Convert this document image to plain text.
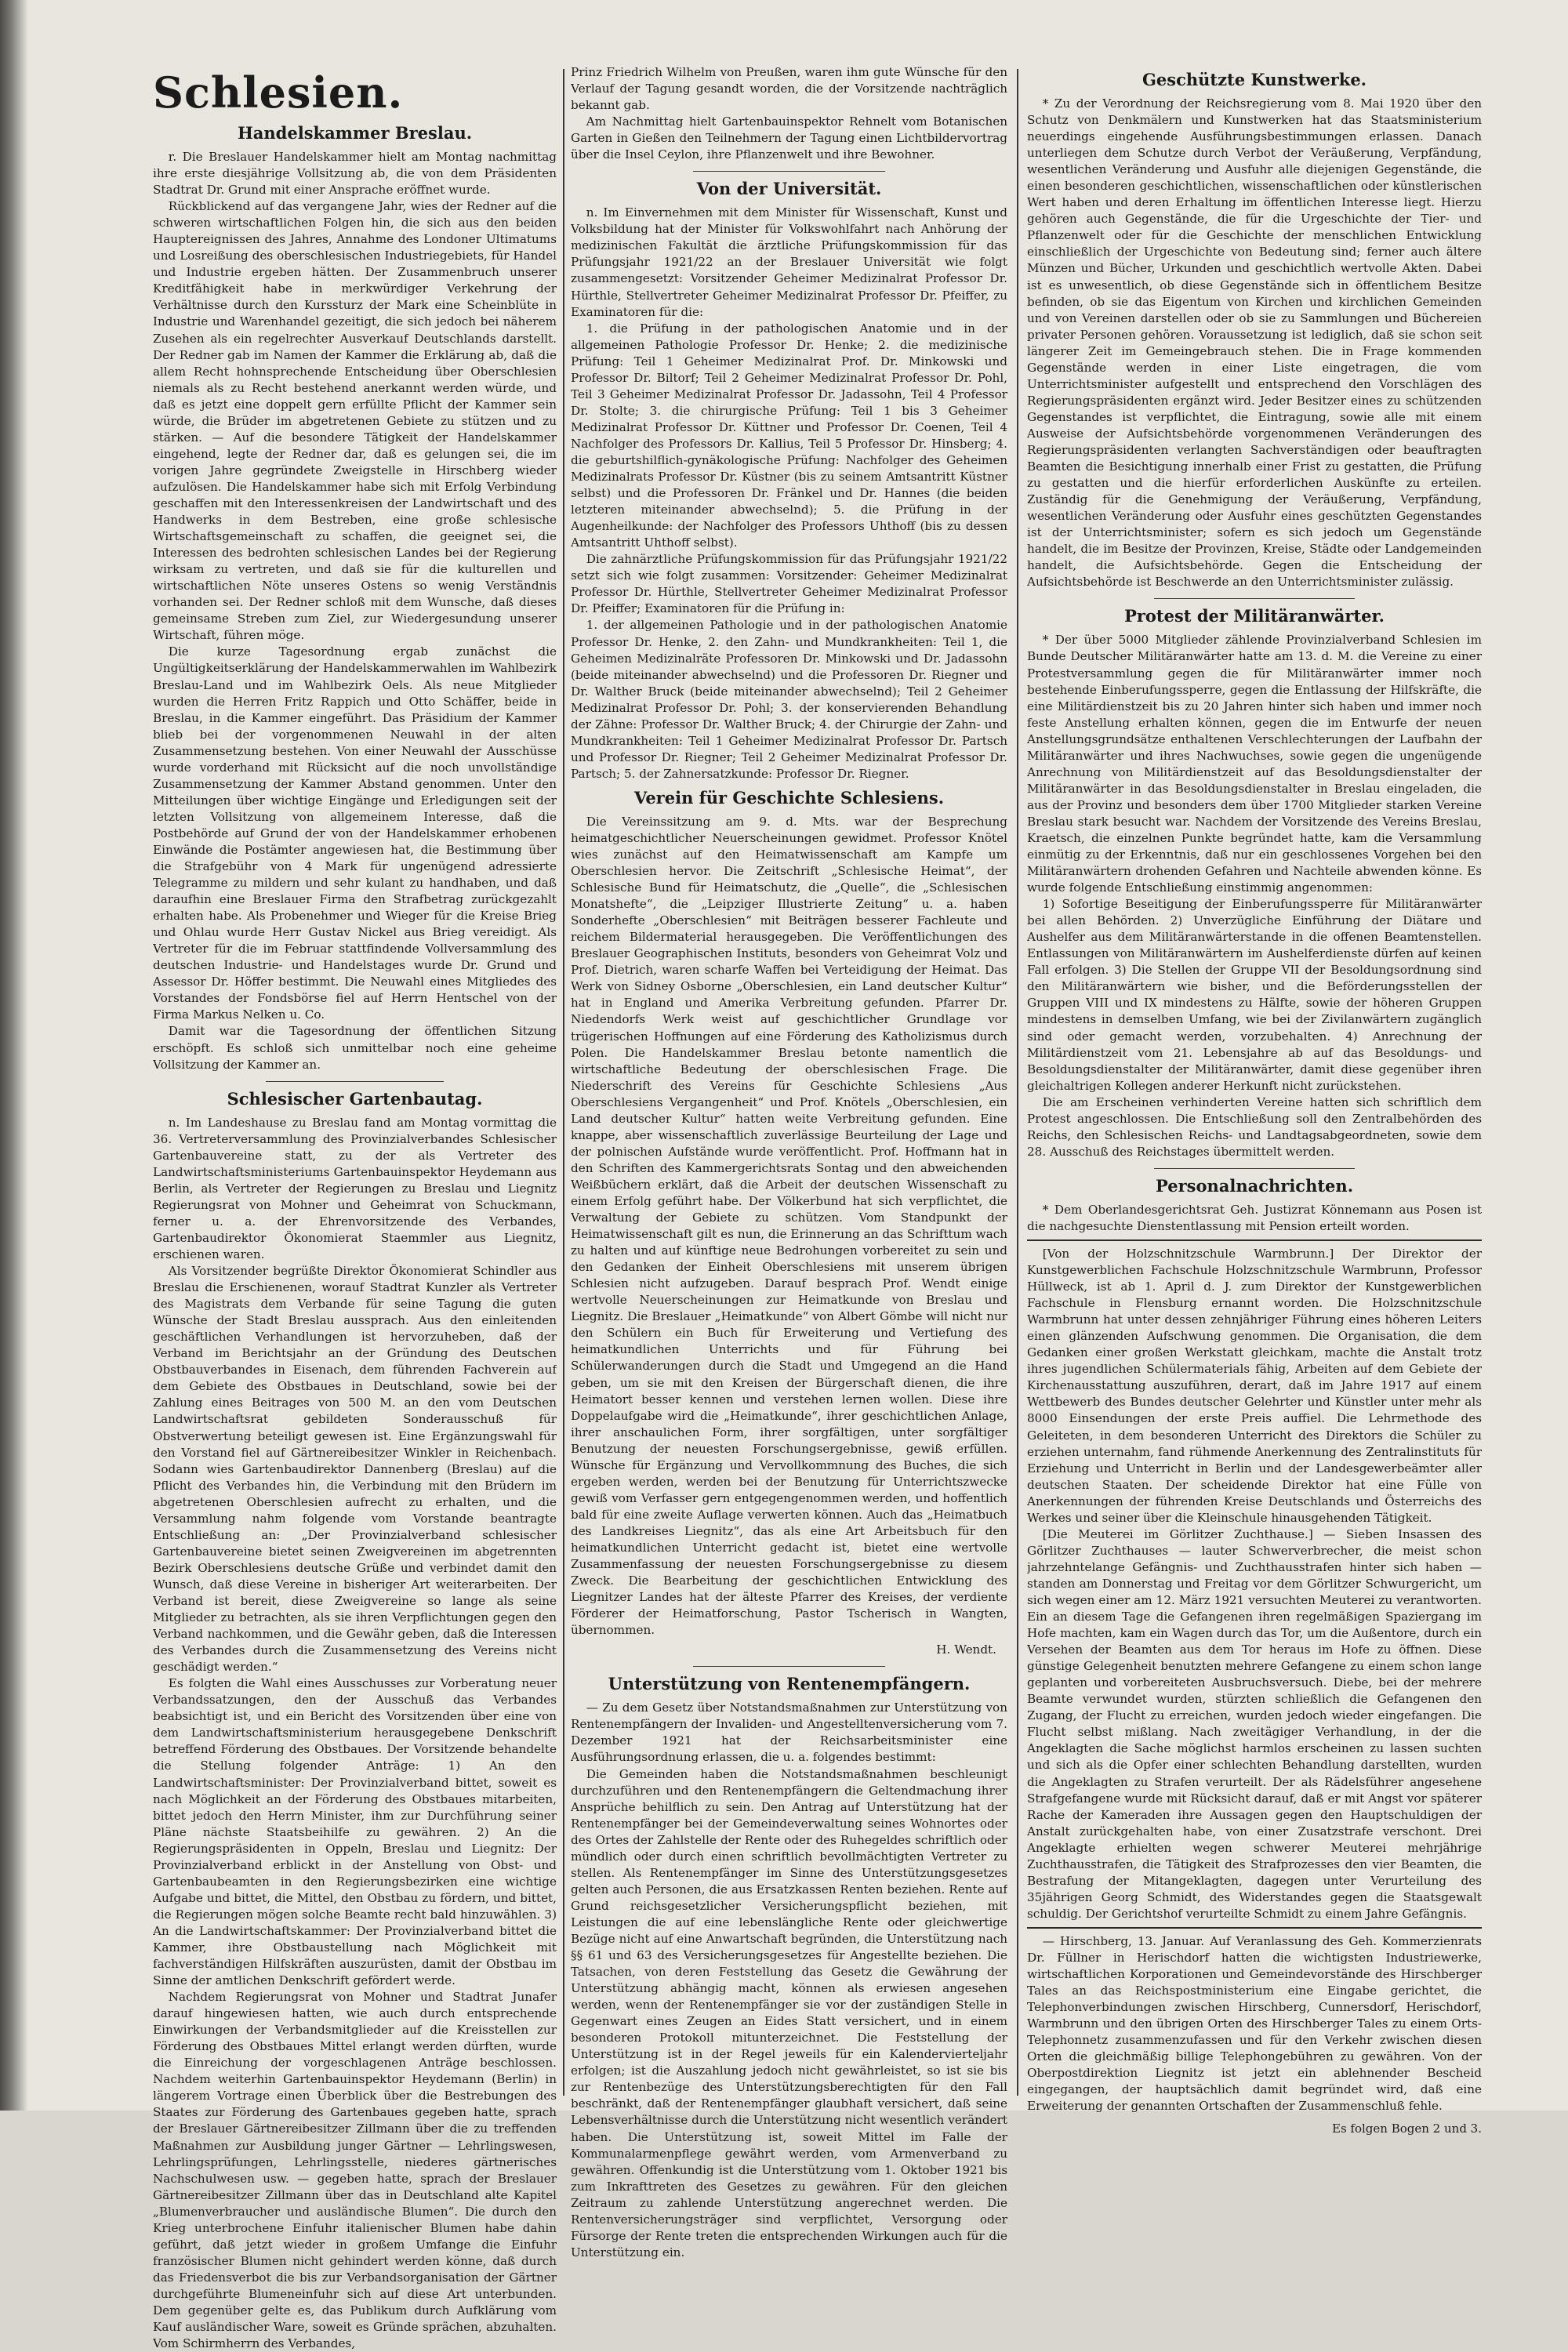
Schlesien.
Handelskammer Breslau.

r. Die Breslauer Handelskammer hielt am Montag nachmittag ihre erste diesjährige Vollsitzung ab, die von dem Präsidenten Stadtrat Dr. Grund mit einer Ansprache eröffnet wurde.

Rückblickend auf das vergangene Jahr, wies der Redner auf die schweren wirtschaftlichen Folgen hin, die sich aus den beiden Hauptereignissen des Jahres, Annahme des Londoner Ultimatums und Losreißung des oberschlesischen Industriegebiets, für Handel und Industrie ergeben hätten. Der Zusammenbruch unserer Kreditfähigkeit habe in merkwürdiger Verkehrung der Verhältnisse durch den Kurssturz der Mark eine Scheinblüte in Industrie und Warenhandel gezeitigt, die sich jedoch bei näherem Zusehen als ein regelrechter Ausverkauf Deutschlands darstellt. Der Redner gab im Namen der Kammer die Erklärung ab, daß die allem Recht hohnsprechende Entscheidung über Oberschlesien niemals als zu Recht bestehend anerkannt werden würde, und daß es jetzt eine doppelt gern erfüllte Pflicht der Kammer sein würde, die Brüder im abgetretenen Gebiete zu stützen und zu stärken. — Auf die besondere Tätigkeit der Handelskammer eingehend, legte der Redner dar, daß es gelungen sei, die im vorigen Jahre gegründete Zweigstelle in Hirschberg wieder aufzulösen. Die Handelskammer habe sich mit Erfolg Verbindung geschaffen mit den Interessenkreisen der Landwirtschaft und des Handwerks in dem Bestreben, eine große schlesische Wirtschaftsgemeinschaft zu schaffen, die geeignet sei, die Interessen des bedrohten schlesischen Landes bei der Regierung wirksam zu vertreten, und daß sie für die kulturellen und wirtschaftlichen Nöte unseres Ostens so wenig Verständnis vorhanden sei. Der Redner schloß mit dem Wunsche, daß dieses gemeinsame Streben zum Ziel, zur Wiedergesundung unserer Wirtschaft, führen möge.

Die kurze Tagesordnung ergab zunächst die Ungültigkeitserklärung der Handelskammerwahlen im Wahlbezirk Breslau-Land und im Wahlbezirk Oels. Als neue Mitglieder wurden die Herren Fritz Rappich und Otto Schäffer, beide in Breslau, in die Kammer eingeführt. Das Präsidium der Kammer blieb bei der vorgenommenen Neuwahl in der alten Zusammensetzung bestehen. Von einer Neuwahl der Ausschüsse wurde vorderhand mit Rücksicht auf die noch unvollständige Zusammensetzung der Kammer Abstand genommen. Unter den Mitteilungen über wichtige Eingänge und Erledigungen seit der letzten Vollsitzung von allgemeinem Interesse, daß die Postbehörde auf Grund der von der Handelskammer erhobenen Einwände die Postämter angewiesen hat, die Bestimmung über die Strafgebühr von 4 Mark für ungenügend adressierte Telegramme zu mildern und sehr kulant zu handhaben, und daß daraufhin eine Breslauer Firma den Strafbetrag zurückgezahlt erhalten habe. Als Probenehmer und Wieger für die Kreise Brieg und Ohlau wurde Herr Gustav Nickel aus Brieg vereidigt. Als Vertreter für die im Februar stattfindende Vollversammlung des deutschen Industrie- und Handelstages wurde Dr. Grund und Assessor Dr. Höffer bestimmt. Die Neuwahl eines Mitgliedes des Vorstandes der Fondsbörse fiel auf Herrn Hentschel von der Firma Markus Nelken u. Co.

Damit war die Tagesordnung der öffentlichen Sitzung erschöpft. Es schloß sich unmittelbar noch eine geheime Vollsitzung der Kammer an.

Schlesischer Gartenbautag.

n. Im Landeshause zu Breslau fand am Montag vormittag die 36. Vertreterversammlung des Provinzialverbandes Schlesischer Gartenbauvereine statt, zu der als Vertreter des Landwirtschaftsministeriums Gartenbauinspektor Heydemann aus Berlin, als Vertreter der Regierungen zu Breslau und Liegnitz Regierungsrat von Mohner und Geheimrat von Schuckmann, ferner u. a. der Ehrenvorsitzende des Verbandes, Gartenbaudirektor Ökonomierat Staemmler aus Liegnitz, erschienen waren.

Als Vorsitzender begrüßte Direktor Ökonomierat Schindler aus Breslau die Erschienenen, worauf Stadtrat Kunzler als Vertreter des Magistrats dem Verbande für seine Tagung die guten Wünsche der Stadt Breslau aussprach. Aus den einleitenden geschäftlichen Verhandlungen ist hervorzuheben, daß der Verband im Berichtsjahr an der Gründung des Deutschen Obstbauverbandes in Eisenach, dem führenden Fachverein auf dem Gebiete des Obstbaues in Deutschland, sowie bei der Zahlung eines Beitrages von 500 M. an den vom Deutschen Landwirtschaftsrat gebildeten Sonderausschuß für Obstverwertung beteiligt gewesen ist. Eine Ergänzungswahl für den Vorstand fiel auf Gärtnereibesitzer Winkler in Reichenbach. Sodann wies Gartenbaudirektor Dannenberg (Breslau) auf die Pflicht des Verbandes hin, die Verbindung mit den Brüdern im abgetretenen Oberschlesien aufrecht zu erhalten, und die Versammlung nahm folgende vom Vorstande beantragte Entschließung an: „Der Provinzialverband schlesischer Gartenbauvereine bietet seinen Zweigvereinen im abgetrennten Bezirk Oberschlesiens deutsche Grüße und verbindet damit den Wunsch, daß diese Vereine in bisheriger Art weiterarbeiten. Der Verband ist bereit, diese Zweigvereine so lange als seine Mitglieder zu betrachten, als sie ihren Verpflichtungen gegen den Verband nachkommen, und die Gewähr geben, daß die Interessen des Verbandes durch die Zusammensetzung des Vereins nicht geschädigt werden.“

Es folgten die Wahl eines Ausschusses zur Vorberatung neuer Verbandssatzungen, den der Ausschuß das Verbandes beabsichtigt ist, und ein Bericht des Vorsitzenden über eine von dem Landwirtschaftsministerium herausgegebene Denkschrift betreffend Förderung des Obstbaues. Der Vorsitzende behandelte die Stellung folgender Anträge: 1) An den Landwirtschaftsminister: Der Provinzialverband bittet, soweit es nach Möglichkeit an der Förderung des Obstbaues mitarbeiten, bittet jedoch den Herrn Minister, ihm zur Durchführung seiner Pläne nächste Staatsbeihilfe zu gewähren. 2) An die Regierungspräsidenten in Oppeln, Breslau und Liegnitz: Der Provinzialverband erblickt in der Anstellung von Obst- und Gartenbaubeamten in den Regierungsbezirken eine wichtige Aufgabe und bittet, die Mittel, den Obstbau zu fördern, und bittet, die Regierungen mögen solche Beamte recht bald hinzuwählen. 3) An die Landwirtschaftskammer: Der Provinzialverband bittet die Kammer, ihre Obstbaustellung nach Möglichkeit mit fachverständigen Hilfskräften auszurüsten, damit der Obstbau im Sinne der amtlichen Denkschrift gefördert werde.

Nachdem Regierungsrat von Mohner und Stadtrat Junafer darauf hingewiesen hatten, wie auch durch entsprechende Einwirkungen der Verbandsmitglieder auf die Kreisstellen zur Förderung des Obstbaues Mittel erlangt werden dürften, wurde die Einreichung der vorgeschlagenen Anträge beschlossen. Nachdem weiterhin Gartenbauinspektor Heydemann (Berlin) in längerem Vortrage einen Überblick über die Bestrebungen des Staates zur Förderung des Gartenbaues gegeben hatte, sprach der Breslauer Gärtnereibesitzer Zillmann über die zu treffenden Maßnahmen zur Ausbildung junger Gärtner — Lehrlingswesen, Lehrlingsprüfungen, Lehrlingsstelle, niederes gärtnerisches Nachschulwesen usw. — gegeben hatte, sprach der Breslauer Gärtnereibesitzer Zillmann über das in Deutschland alte Kapitel „Blumenverbraucher und ausländische Blumen“. Die durch den Krieg unterbrochene Einfuhr italienischer Blumen habe dahin geführt, daß jetzt wieder in großem Umfange die Einfuhr französischer Blumen nicht gehindert werden könne, daß durch das Friedensverbot die bis zur Verbandsorganisation der Gärtner durchgeführte Blumeneinfuhr sich auf diese Art unterbunden. Dem gegenüber gelte es, das Publikum durch Aufklärung vom Kauf ausländischer Ware, soweit es Gründe sprächen, abzuhalten. Vom Schirmherrn des Verbandes,

Prinz Friedrich Wilhelm von Preußen, waren ihm gute Wünsche für den Verlauf der Tagung gesandt worden, die der Vorsitzende nachträglich bekannt gab.

Am Nachmittag hielt Gartenbauinspektor Rehnelt vom Botanischen Garten in Gießen den Teilnehmern der Tagung einen Lichtbildervortrag über die Insel Ceylon, ihre Pflanzenwelt und ihre Bewohner.

Von der Universität.

n. Im Einvernehmen mit dem Minister für Wissenschaft, Kunst und Volksbildung hat der Minister für Volkswohlfahrt nach Anhörung der medizinischen Fakultät die ärztliche Prüfungskommission für das Prüfungsjahr 1921/22 an der Breslauer Universität wie folgt zusammengesetzt: Vorsitzender Geheimer Medizinalrat Professor Dr. Hürthle, Stellvertreter Geheimer Medizinalrat Professor Dr. Pfeiffer, zu Examinatoren für die:

1. die Prüfung in der pathologischen Anatomie und in der allgemeinen Pathologie Professor Dr. Henke; 2. die medizinische Prüfung: Teil 1 Geheimer Medizinalrat Prof. Dr. Minkowski und Professor Dr. Biltorf; Teil 2 Geheimer Medizinalrat Professor Dr. Pohl, Teil 3 Geheimer Medizinalrat Professor Dr. Jadassohn, Teil 4 Professor Dr. Stolte; 3. die chirurgische Prüfung: Teil 1 bis 3 Geheimer Medizinalrat Professor Dr. Küttner und Professor Dr. Coenen, Teil 4 Nachfolger des Professors Dr. Kallius, Teil 5 Professor Dr. Hinsberg; 4. die geburtshilflich-gynäkologische Prüfung: Nachfolger des Geheimen Medizinalrats Professor Dr. Küstner (bis zu seinem Amtsantritt Küstner selbst) und die Professoren Dr. Fränkel und Dr. Hannes (die beiden letzteren miteinander abwechselnd); 5. die Prüfung in der Augenheilkunde: der Nachfolger des Professors Uhthoff (bis zu dessen Amtsantritt Uhthoff selbst).

Die zahnärztliche Prüfungskommission für das Prüfungsjahr 1921/22 setzt sich wie folgt zusammen: Vorsitzender: Geheimer Medizinalrat Professor Dr. Hürthle, Stellvertreter Geheimer Medizinalrat Professor Dr. Pfeiffer; Examinatoren für die Prüfung in:

1. der allgemeinen Pathologie und in der pathologischen Anatomie Professor Dr. Henke, 2. den Zahn- und Mundkrankheiten: Teil 1, die Geheimen Medizinalräte Professoren Dr. Minkowski und Dr. Jadassohn (beide miteinander abwechselnd) und die Professoren Dr. Riegner und Dr. Walther Bruck (beide miteinander abwechselnd); Teil 2 Geheimer Medizinalrat Professor Dr. Pohl; 3. der konservierenden Behandlung der Zähne: Professor Dr. Walther Bruck; 4. der Chirurgie der Zahn- und Mundkrankheiten: Teil 1 Geheimer Medizinalrat Professor Dr. Partsch und Professor Dr. Riegner; Teil 2 Geheimer Medizinalrat Professor Dr. Partsch; 5. der Zahnersatzkunde: Professor Dr. Riegner.

Verein für Geschichte Schlesiens.

Die Vereinssitzung am 9. d. Mts. war der Besprechung heimatgeschichtlicher Neuerscheinungen gewidmet. Professor Knötel wies zunächst auf den Heimatwissenschaft am Kampfe um Oberschlesien hervor. Die Zeitschrift „Schlesische Heimat“, der Schlesische Bund für Heimatschutz, die „Quelle“, die „Schlesischen Monatshefte“, die „Leipziger Illustrierte Zeitung“ u. a. haben Sonderhefte „Oberschlesien“ mit Beiträgen besserer Fachleute und reichem Bildermaterial herausgegeben. Die Veröffentlichungen des Breslauer Geographischen Instituts, besonders von Geheimrat Volz und Prof. Dietrich, waren scharfe Waffen bei Verteidigung der Heimat. Das Werk von Sidney Osborne „Oberschlesien, ein Land deutscher Kultur“ hat in England und Amerika Verbreitung gefunden. Pfarrer Dr. Niedendorfs Werk weist auf geschichtlicher Grundlage vor trügerischen Hoffnungen auf eine Förderung des Katholizismus durch Polen. Die Handelskammer Breslau betonte namentlich die wirtschaftliche Bedeutung der oberschlesischen Frage. Die Niederschrift des Vereins für Geschichte Schlesiens „Aus Oberschlesiens Vergangenheit“ und Prof. Knötels „Oberschlesien, ein Land deutscher Kultur“ hatten weite Verbreitung gefunden. Eine knappe, aber wissenschaftlich zuverlässige Beurteilung der Lage und der polnischen Aufstände wurde veröffentlicht. Prof. Hoffmann hat in den Schriften des Kammergerichtsrats Sontag und den abweichenden Weißbüchern erklärt, daß die Arbeit der deutschen Wissenschaft zu einem Erfolg geführt habe. Der Völkerbund hat sich verpflichtet, die Verwaltung der Gebiete zu schützen. Vom Standpunkt der Heimatwissenschaft gilt es nun, die Erinnerung an das Schrifttum wach zu halten und auf künftige neue Bedrohungen vorbereitet zu sein und den Gedanken der Einheit Oberschlesiens mit unserem übrigen Schlesien nicht aufzugeben. Darauf besprach Prof. Wendt einige wertvolle Neuerscheinungen zur Heimatkunde von Breslau und Liegnitz. Die Breslauer „Heimatkunde“ von Albert Gömbe will nicht nur den Schülern ein Buch für Erweiterung und Vertiefung des heimatkundlichen Unterrichts und für Führung bei Schülerwanderungen durch die Stadt und Umgegend an die Hand geben, um sie mit den Kreisen der Bürgerschaft dienen, die ihre Heimatort besser kennen und verstehen lernen wollen. Diese ihre Doppelaufgabe wird die „Heimatkunde“, ihrer geschichtlichen Anlage, ihrer anschaulichen Form, ihrer sorgfältigen, unter sorgfältiger Benutzung der neuesten Forschungsergebnisse, gewiß erfüllen. Wünsche für Ergänzung und Vervollkommnung des Buches, die sich ergeben werden, werden bei der Benutzung für Unterrichtszwecke gewiß vom Verfasser gern entgegengenommen werden, und hoffentlich bald für eine zweite Auflage verwerten können. Auch das „Heimatbuch des Landkreises Liegnitz“, das als eine Art Arbeitsbuch für den heimatkundlichen Unterricht gedacht ist, bietet eine wertvolle Zusammenfassung der neuesten Forschungsergebnisse zu diesem Zweck. Die Bearbeitung der geschichtlichen Entwicklung des Liegnitzer Landes hat der älteste Pfarrer des Kreises, der verdiente Förderer der Heimatforschung, Pastor Tscherisch in Wangten, übernommen.

H. Wendt.
Unterstützung von Rentenempfängern.

— Zu dem Gesetz über Notstandsmaßnahmen zur Unterstützung von Rentenempfängern der Invaliden- und Angestelltenversicherung vom 7. Dezember 1921 hat der Reichsarbeitsminister eine Ausführungsordnung erlassen, die u. a. folgendes bestimmt:

Die Gemeinden haben die Notstandsmaßnahmen beschleunigt durchzuführen und den Rentenempfängern die Geltendmachung ihrer Ansprüche behilflich zu sein. Den Antrag auf Unterstützung hat der Rentenempfänger bei der Gemeindeverwaltung seines Wohnortes oder des Ortes der Zahlstelle der Rente oder des Ruhegeldes schriftlich oder mündlich oder durch einen schriftlich bevollmächtigten Vertreter zu stellen. Als Rentenempfänger im Sinne des Unterstützungsgesetzes gelten auch Personen, die aus Ersatzkassen Renten beziehen. Rente auf Grund reichsgesetzlicher Versicherungspflicht beziehen, mit Leistungen die auf eine lebenslängliche Rente oder gleichwertige Bezüge nicht auf eine Anwartschaft begründen, die Unterstützung nach §§ 61 und 63 des Versicherungsgesetzes für Angestellte beziehen. Die Tatsachen, von deren Feststellung das Gesetz die Gewährung der Unterstützung abhängig macht, können als erwiesen angesehen werden, wenn der Rentenempfänger sie vor der zuständigen Stelle in Gegenwart eines Zeugen an Eides Statt versichert, und in einem besonderen Protokoll mitunterzeichnet. Die Feststellung der Unterstützung ist in der Regel jeweils für ein Kalendervierteljahr erfolgen; ist die Auszahlung jedoch nicht gewährleistet, so ist sie bis zur Rentenbezüge des Unterstützungsberechtigten für den Fall beschränkt, daß der Rentenempfänger glaubhaft versichert, daß seine Lebensverhältnisse durch die Unterstützung nicht wesentlich verändert haben. Die Unterstützung ist, soweit Mittel im Falle der Kommunalarmenpflege gewährt werden, vom Armenverband zu gewähren. Offenkundig ist die Unterstützung vom 1. Oktober 1921 bis zum Inkrafttreten des Gesetzes zu gewähren. Für den gleichen Zeitraum zu zahlende Unterstützung angerechnet werden. Die Rentenversicherungsträger sind verpflichtet, Versorgung oder Fürsorge der Rente treten die entsprechenden Wirkungen auch für die Unterstützung ein.

Geschützte Kunstwerke.

* Zu der Verordnung der Reichsregierung vom 8. Mai 1920 über den Schutz von Denkmälern und Kunstwerken hat das Staatsministerium neuerdings eingehende Ausführungsbestimmungen erlassen. Danach unterliegen dem Schutze durch Verbot der Veräußerung, Verpfändung, wesentlichen Veränderung und Ausfuhr alle diejenigen Gegenstände, die einen besonderen geschichtlichen, wissenschaftlichen oder künstlerischen Wert haben und deren Erhaltung im öffentlichen Interesse liegt. Hierzu gehören auch Gegenstände, die für die Urgeschichte der Tier- und Pflanzenwelt oder für die Geschichte der menschlichen Entwicklung einschließlich der Urgeschichte von Bedeutung sind; ferner auch ältere Münzen und Bücher, Urkunden und geschichtlich wertvolle Akten. Dabei ist es unwesentlich, ob diese Gegenstände sich in öffentlichem Besitze befinden, ob sie das Eigentum von Kirchen und kirchlichen Gemeinden und von Vereinen darstellen oder ob sie zu Sammlungen und Büchereien privater Personen gehören. Voraussetzung ist lediglich, daß sie schon seit längerer Zeit im Gemeingebrauch stehen. Die in Frage kommenden Gegenstände werden in einer Liste eingetragen, die vom Unterrichtsminister aufgestellt und entsprechend den Vorschlägen des Regierungspräsidenten ergänzt wird. Jeder Besitzer eines zu schützenden Gegenstandes ist verpflichtet, die Eintragung, sowie alle mit einem Ausweise der Aufsichtsbehörde vorgenommenen Veränderungen des Regierungspräsidenten verlangten Sachverständigen oder beauftragten Beamten die Besichtigung innerhalb einer Frist zu gestatten, die Prüfung zu gestatten und die hierfür erforderlichen Auskünfte zu erteilen. Zuständig für die Genehmigung der Veräußerung, Verpfändung, wesentlichen Veränderung oder Ausfuhr eines geschützten Gegenstandes ist der Unterrichtsminister; sofern es sich jedoch um Gegenstände handelt, die im Besitze der Provinzen, Kreise, Städte oder Landgemeinden handelt, die Aufsichtsbehörde. Gegen die Entscheidung der Aufsichtsbehörde ist Beschwerde an den Unterrichtsminister zulässig.

Protest der Militäranwärter.

* Der über 5000 Mitglieder zählende Provinzialverband Schlesien im Bunde Deutscher Militäranwärter hatte am 13. d. M. die Vereine zu einer Protestversammlung gegen die für Militäranwärter immer noch bestehende Einberufungssperre, gegen die Entlassung der Hilfskräfte, die eine Militärdienstzeit bis zu 20 Jahren hinter sich haben und immer noch feste Anstellung erhalten können, gegen die im Entwurfe der neuen Anstellungsgrundsätze enthaltenen Verschlechterungen der Laufbahn der Militäranwärter und ihres Nachwuchses, sowie gegen die ungenügende Anrechnung von Militärdienstzeit auf das Besoldungsdienstalter der Militäranwärter in das Besoldungsdienstalter in Breslau eingeladen, die aus der Provinz und besonders dem über 1700 Mitglieder starken Vereine Breslau stark besucht war. Nachdem der Vorsitzende des Vereins Breslau, Kraetsch, die einzelnen Punkte begründet hatte, kam die Versammlung einmütig zu der Erkenntnis, daß nur ein geschlossenes Vorgehen bei den Militäranwärtern drohenden Gefahren und Nachteile abwenden könne. Es wurde folgende Entschließung einstimmig angenommen:

1) Sofortige Beseitigung der Einberufungssperre für Militäranwärter bei allen Behörden. 2) Unverzügliche Einführung der Diätare und Aushelfer aus dem Militäranwärterstande in die offenen Beamtenstellen. Entlassungen von Militäranwärtern im Aushelferdienste dürfen auf keinen Fall erfolgen. 3) Die Stellen der Gruppe VII der Besoldungsordnung sind den Militäranwärtern wie bisher, und die Beförderungsstellen der Gruppen VIII und IX mindestens zu Hälfte, sowie der höheren Gruppen mindestens in demselben Umfang, wie bei der Zivilanwärtern zugänglich sind oder gemacht werden, vorzubehalten. 4) Anrechnung der Militärdienstzeit vom 21. Lebensjahre ab auf das Besoldungs- und Besoldungsdienstalter der Militäranwärter, damit diese gegenüber ihren gleichaltrigen Kollegen anderer Herkunft nicht zurückstehen.

Die am Erscheinen verhinderten Vereine hatten sich schriftlich dem Protest angeschlossen. Die Entschließung soll den Zentralbehörden des Reichs, den Schlesischen Reichs- und Landtagsabgeordneten, sowie dem 28. Ausschuß des Reichstages übermittelt werden.

Personalnachrichten.

* Dem Oberlandesgerichtsrat Geh. Justizrat Könnemann aus Posen ist die nachgesuchte Dienstentlassung mit Pension erteilt worden.

[Von der Holzschnitzschule Warmbrunn.] Der Direktor der Kunstgewerblichen Fachschule Holzschnitzschule Warmbrunn, Professor Hüllweck, ist ab 1. April d. J. zum Direktor der Kunstgewerblichen Fachschule in Flensburg ernannt worden. Die Holzschnitzschule Warmbrunn hat unter dessen zehnjähriger Führung eines höheren Leiters einen glänzenden Aufschwung genommen. Die Organisation, die dem Gedanken einer großen Werkstatt gleichkam, machte die Anstalt trotz ihres jugendlichen Schülermaterials fähig, Arbeiten auf dem Gebiete der Kirchenausstattung auszuführen, derart, daß im Jahre 1917 auf einem Wettbewerb des Bundes deutscher Gelehrter und Künstler unter mehr als 8000 Einsendungen der erste Preis auffiel. Die Lehrmethode des Geleiteten, in dem besonderen Unterricht des Direktors die Schüler zu erziehen unternahm, fand rühmende Anerkennung des Zentralinstituts für Erziehung und Unterricht in Berlin und der Landesgewerbeämter aller deutschen Staaten. Der scheidende Direktor hat eine Fülle von Anerkennungen der führenden Kreise Deutschlands und Österreichs des Werkes und seiner über die Kleinschule hinausgehenden Tätigkeit.

[Die Meuterei im Görlitzer Zuchthause.] — Sieben Insassen des Görlitzer Zuchthauses — lauter Schwerverbrecher, die meist schon jahrzehntelange Gefängnis- und Zuchthausstrafen hinter sich haben — standen am Donnerstag und Freitag vor dem Görlitzer Schwurgericht, um sich wegen einer am 12. März 1921 versuchten Meuterei zu verantworten. Ein an diesem Tage die Gefangenen ihren regelmäßigen Spaziergang im Hofe machten, kam ein Wagen durch das Tor, um die Außentore, durch ein Versehen der Beamten aus dem Tor heraus im Hofe zu öffnen. Diese günstige Gelegenheit benutzten mehrere Gefangene zu einem schon lange geplanten und vorbereiteten Ausbruchsversuch. Diebe, bei der mehrere Beamte verwundet wurden, stürzten schließlich die Gefangenen den Zugang, der Flucht zu erreichen, wurden jedoch wieder eingefangen. Die Flucht selbst mißlang. Nach zweitägiger Verhandlung, in der die Angeklagten die Sache möglichst harmlos erscheinen zu lassen suchten und sich als die Opfer einer schlechten Behandlung darstellten, wurden die Angeklagten zu Strafen verurteilt. Der als Rädelsführer angesehene Strafgefangene wurde mit Rücksicht darauf, daß er mit Angst vor späterer Rache der Kameraden ihre Aussagen gegen den Hauptschuldigen der Anstalt zurückgehalten habe, von einer Zusatzstrafe verschont. Drei Angeklagte erhielten wegen schwerer Meuterei mehrjährige Zuchthausstrafen, die Tätigkeit des Strafprozesses den vier Beamten, die Bestrafung der Mitangeklagten, dagegen unter Verurteilung des 35jährigen Georg Schmidt, des Widerstandes gegen die Staatsgewalt schuldig. Der Gerichtshof verurteilte Schmidt zu einem Jahre Gefängnis.

— Hirschberg, 13. Januar. Auf Veranlassung des Geh. Kommerzienrats Dr. Füllner in Herischdorf hatten die wichtigsten Industriewerke, wirtschaftlichen Korporationen und Gemeindevorstände des Hirschberger Tales an das Reichspostministerium eine Eingabe gerichtet, die Telephonverbindungen zwischen Hirschberg, Cunnersdorf, Herischdorf, Warmbrunn und den übrigen Orten des Hirschberger Tales zu einem Orts-Telephonnetz zusammenzufassen und für den Verkehr zwischen diesen Orten die gleichmäßig billige Telephongebühren zu gewähren. Von der Oberpostdirektion Liegnitz ist jetzt ein ablehnender Bescheid eingegangen, der hauptsächlich damit begründet wird, daß eine Erweiterung der genannten Ortschaften der Zusammenschluß fehle.

Es folgen Bogen 2 und 3.
